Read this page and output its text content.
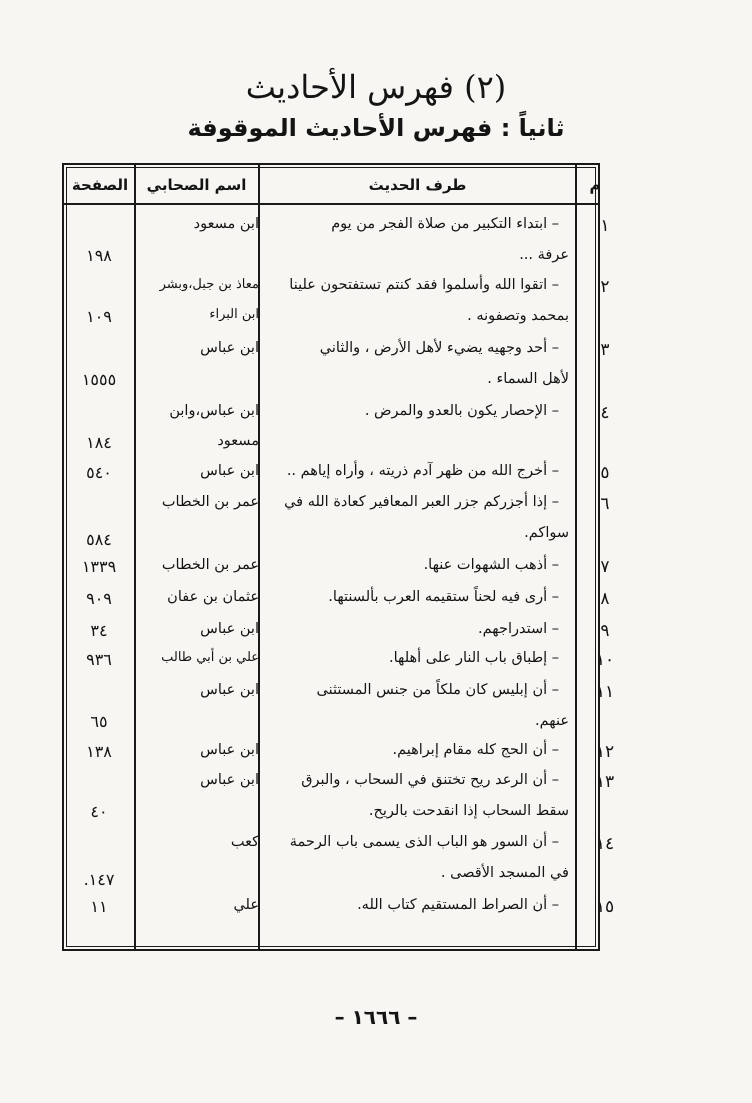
(٢) فهرس الأحاديث
ثانياً : فهرس الأحاديث الموقوفة
م
طرف الحديث
اسم الصحابي
الصفحة
١
– ابتداء التكبير من صلاة الفجر من يوم
عرفة ...
ابن مسعود
١٩٨
٢
– اتقوا الله وأسلموا فقد كنتم تستفتحون علينا
بمحمد وتصفونه .
معاذ بن جبل،وبشر
ابن البراء
١٠٩
٣
– أحد وجهيه يضيء لأهل الأرض ، والثاني
لأهل السماء .
ابن عباس
١٥٥٥
٤
– الإحصار يكون بالعدو والمرض .
ابن عباس،وابن
مسعود
١٨٤
٥
– أخرج الله من ظهر آدم ذريته ، وأراه إياهم ..
ابن عباس
٥٤٠
٦
– إذا أجزركم جزر العبر المعافير كعادة الله في
سواكم.
عمر بن الخطاب
٥٨٤
٧
– أذهب الشهوات عنها.
عمر بن الخطاب
١٣٣٩
٨
– أرى فيه لحناً ستقيمه العرب بألسنتها.
عثمان بن عفان
٩٠٩
٩
– استدراجهم.
ابن عباس
٣٤
١٠
– إطباق باب النار على أهلها.
علي بن أبي طالب
٩٣٦
١١
– أن إبليس كان ملكاً من جنس المستثنى
عنهم.
ابن عباس
٦٥
١٢
– أن الحج كله مقام إبراهيم.
ابن عباس
١٣٨
١٣
– أن الرعد ريح تختنق في السحاب ، والبرق
سقط السحاب إذا انقدحت بالريح.
ابن عباس
٤٠
١٤
– أن السور هو الباب الذى يسمى باب الرحمة
في المسجد الأقصى .
كعب
١٤٧.
١٥
– أن الصراط المستقيم كتاب الله.
علي
١١
– ١٦٦٦ –
